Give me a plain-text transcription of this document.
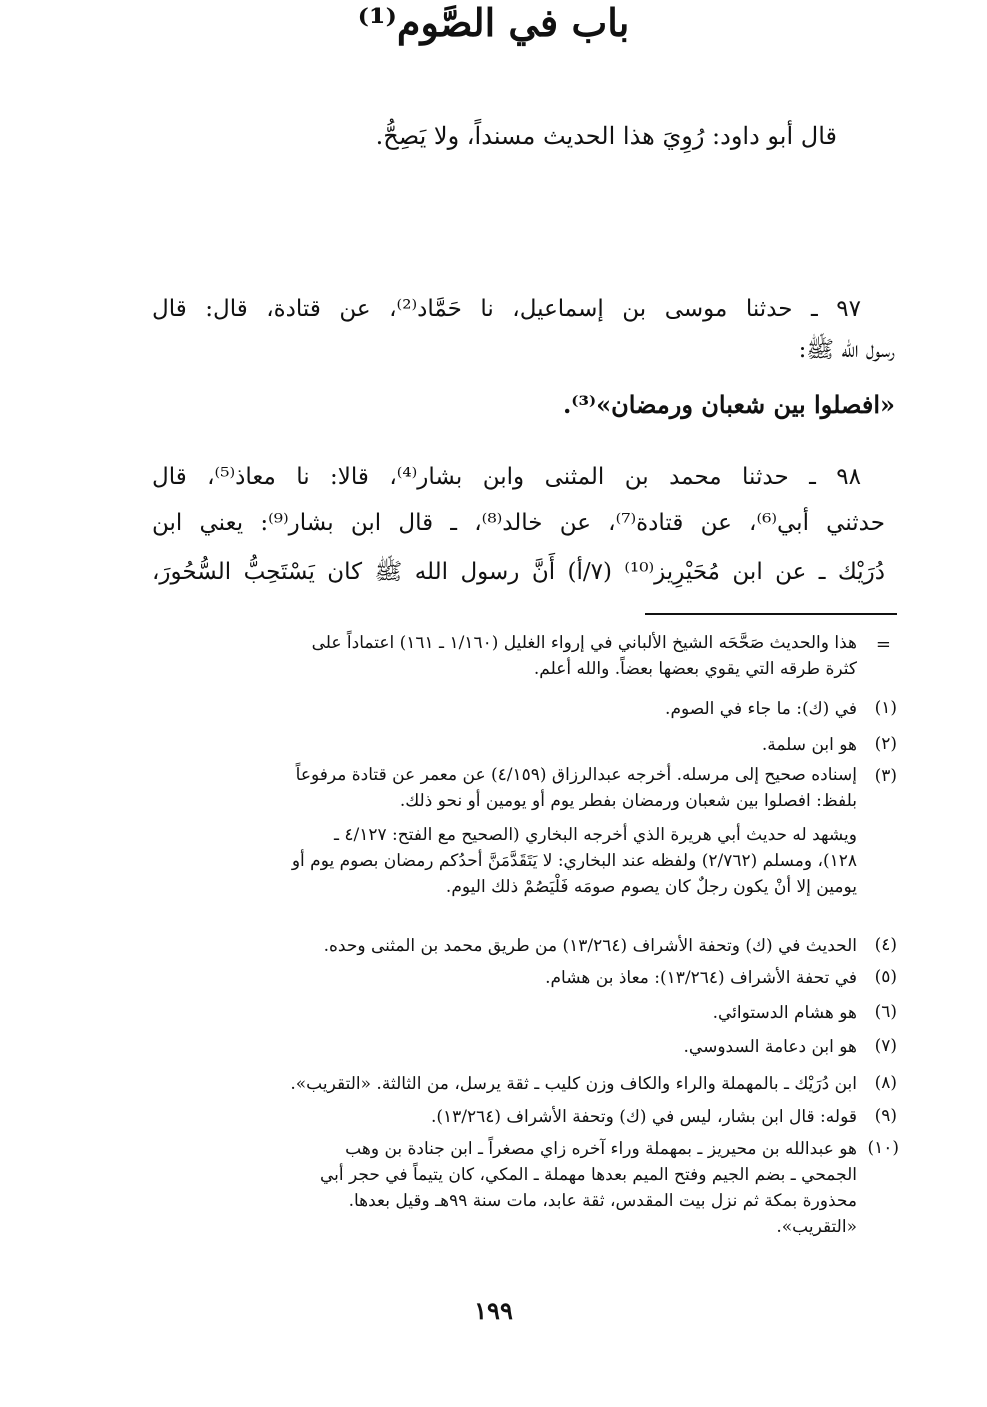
قال أبو داود: رُوِيَ هذا الحديث مسنداً، ولا يَصِحُّ.
باب في الصَّوم⁽¹⁾
٩٧ ـ حدثنا موسى بن إسماعيل، نا حَمَّاد⁽²⁾، عن قتادة، قال: قال
رسول الله ﷺ:
«افصلوا بين شعبان ورمضان»⁽³⁾.
٩٨ ـ حدثنا محمد بن المثنى وابن بشار⁽⁴⁾، قالا: نا معاذ⁽⁵⁾، قال
حدثني أبي⁽⁶⁾، عن قتادة⁽⁷⁾، عن خالد⁽⁸⁾، ـ قال ابن بشار⁽⁹⁾: يعني ابن
دُرَيْك ـ عن ابن مُحَيْرِيز⁽¹⁰⁾ (٧/أ) أَنَّ رسول الله ﷺ كان يَسْتَحِبُّ السُّحُورَ،
=
هذا والحديث صَحَّحَه الشيخ الألباني في إرواء الغليل (١/١٦٠ ـ ١٦١) اعتماداً على
كثرة طرقه التي يقوي بعضها بعضاً. والله أعلم.
(١)
في (ك): ما جاء في الصوم.
(٢)
هو ابن سلمة.
(٣)
إسناده صحيح إلى مرسله. أخرجه عبدالرزاق (٤/١٥٩) عن معمر عن قتادة مرفوعاً
بلفظ: افصلوا بين شعبان ورمضان بفطر يوم أو يومين أو نحو ذلك.
ويشهد له حديث أبي هريرة الذي أخرجه البخاري (الصحيح مع الفتح: ٤/١٢٧ ـ
١٢٨)، ومسلم (٢/٧٦٢) ولفظه عند البخاري: لا يَتَقَدَّمَنَّ أحدُكم رمضان بصوم يوم أو
يومين إلا أنْ يكون رجلٌ كان يصوم صومَه فَلْيَصُمْ ذلك اليوم.
(٤)
الحديث في (ك) وتحفة الأشراف (١٣/٢٦٤) من طريق محمد بن المثنى وحده.
(٥)
في تحفة الأشراف (١٣/٢٦٤): معاذ بن هشام.
(٦)
هو هشام الدستوائي.
(٧)
هو ابن دعامة السدوسي.
(٨)
ابن دُرَيْك ـ بالمهملة والراء والكاف وزن كليب ـ ثقة يرسل، من الثالثة. «التقريب».
(٩)
قوله: قال ابن بشار، ليس في (ك) وتحفة الأشراف (١٣/٢٦٤).
(١٠)
هو عبدالله بن محيريز ـ بمهملة وراء آخره زاي مصغراً ـ ابن جنادة بن وهب
الجمحي ـ بضم الجيم وفتح الميم بعدها مهملة ـ المكي، كان يتيماً في حجر أبي
محذورة بمكة ثم نزل بيت المقدس، ثقة عابد، مات سنة ٩٩هـ وقيل بعدها.
«التقريب».
١٩٩
